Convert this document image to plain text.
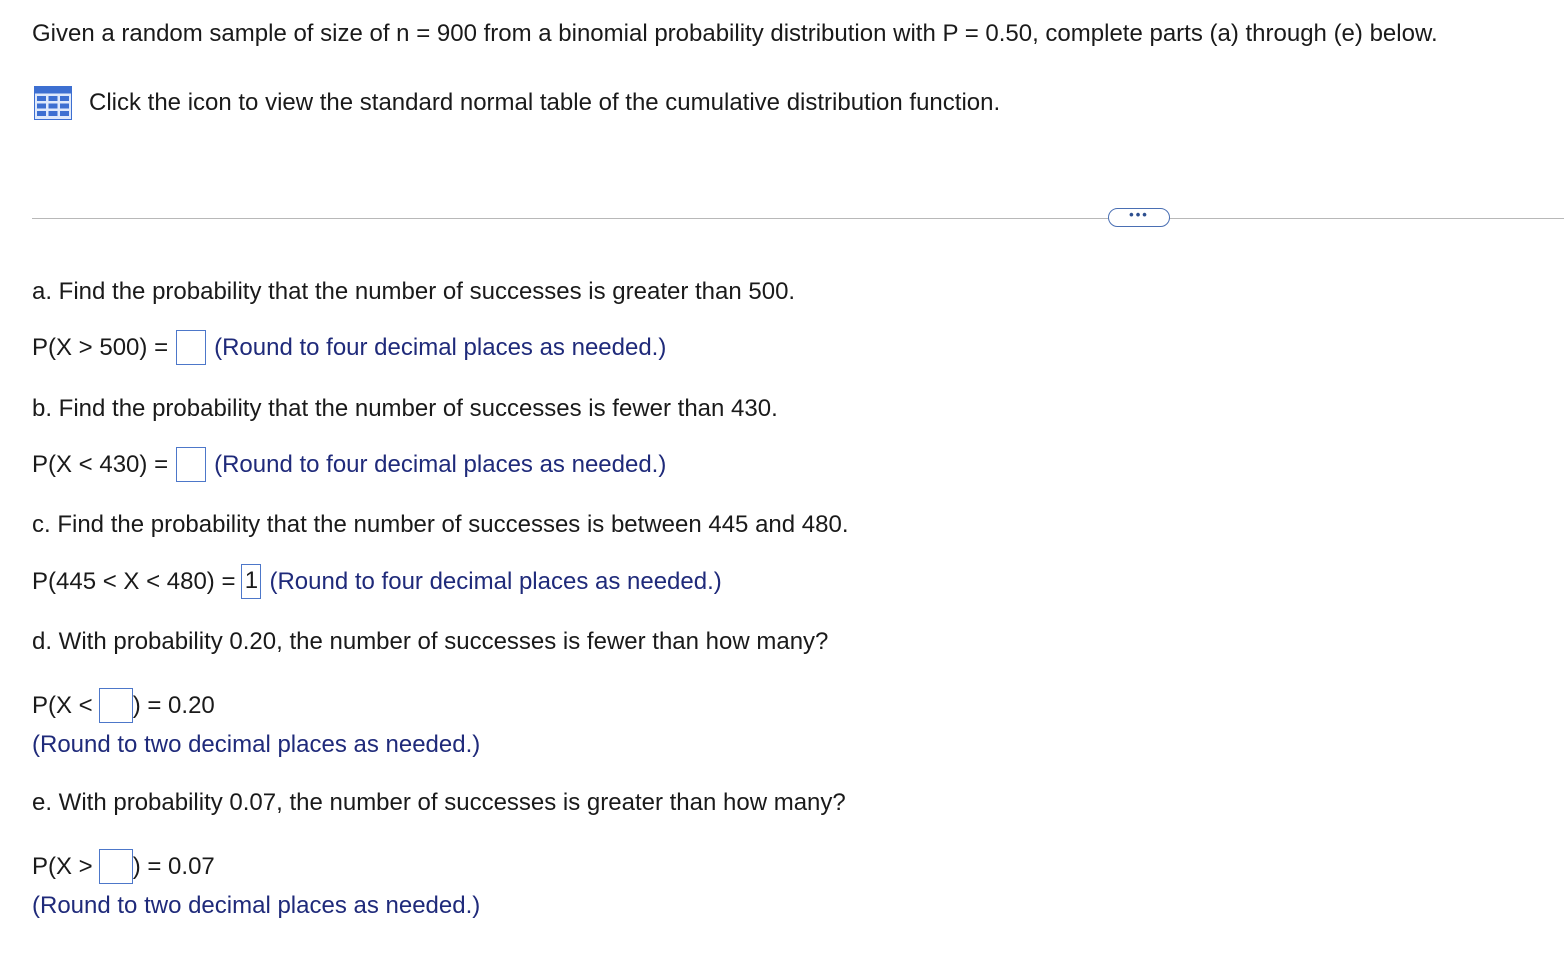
Given a random sample of size of n = 900 from a binomial probability distribution with P = 0.50, complete parts (a) through (e) below.
Click the icon to view the standard normal table of the cumulative distribution function.
•••
a. Find the probability that the number of successes is greater than 500.
P(X > 500) = (Round to four decimal places as needed.)
b. Find the probability that the number of successes is fewer than 430.
P(X < 430) = (Round to four decimal places as needed.)
c. Find the probability that the number of successes is between 445 and 480.
P(445 < X < 480) = 1 (Round to four decimal places as needed.)
d. With probability 0.20, the number of successes is fewer than how many?
P(X < ) = 0.20
(Round to two decimal places as needed.)
e. With probability 0.07, the number of successes is greater than how many?
P(X > ) = 0.07
(Round to two decimal places as needed.)
